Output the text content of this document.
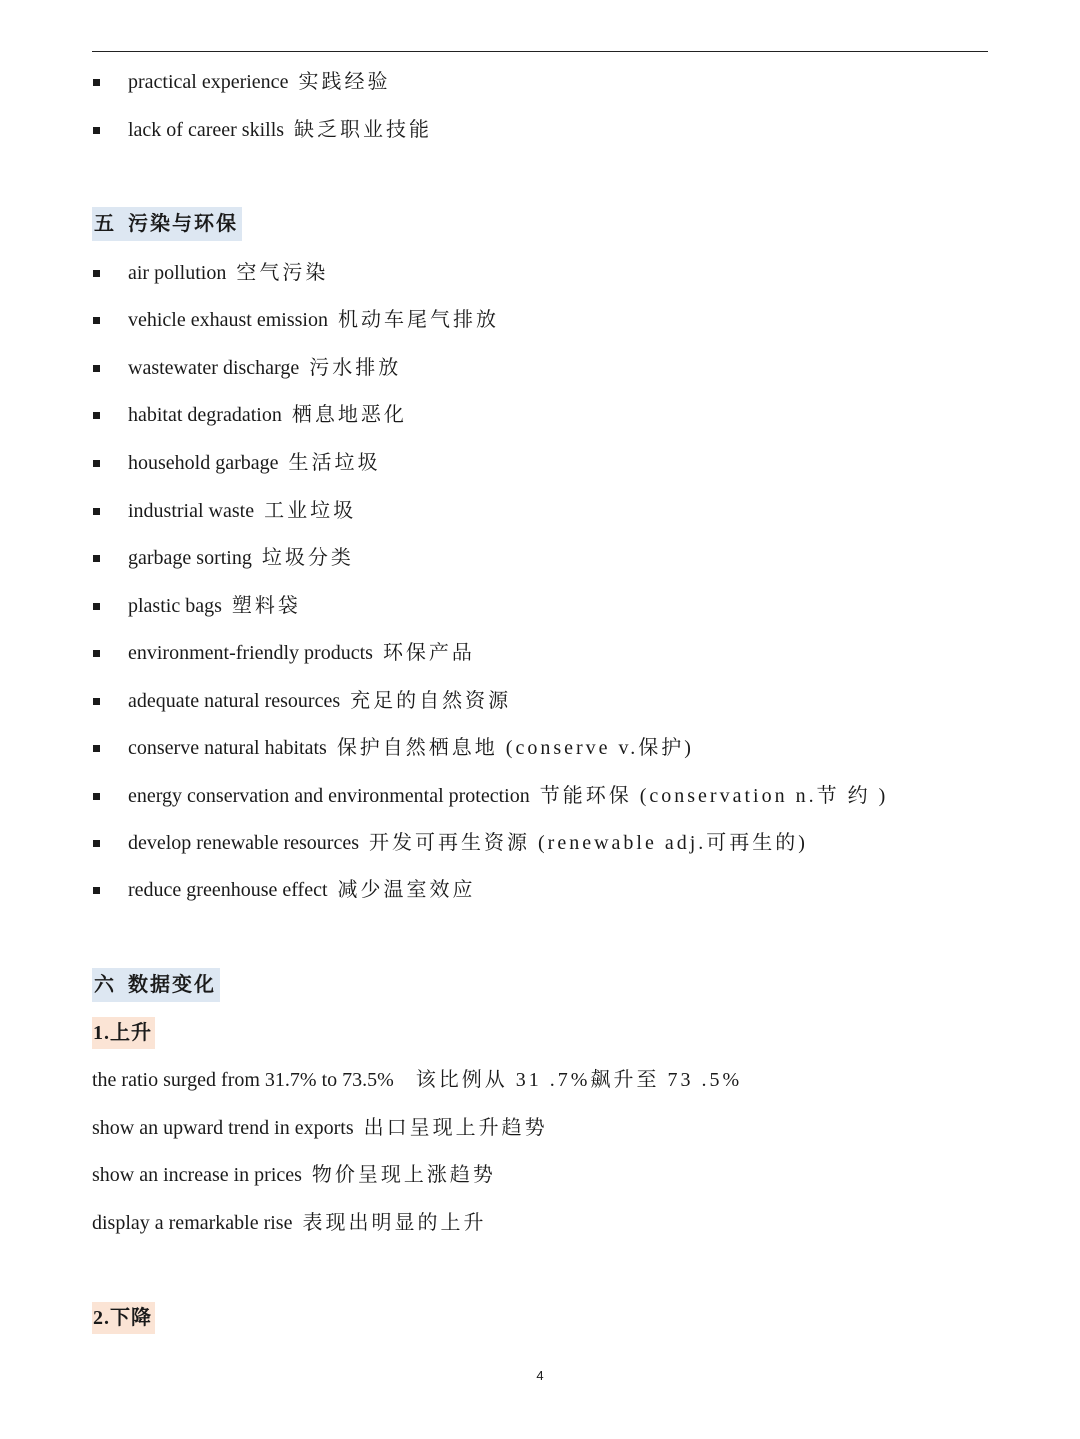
practical experience 实践经验
lack of career skills 缺乏职业技能
五 污染与环保
air pollution 空气污染
vehicle exhaust emission 机动车尾气排放
wastewater discharge 污水排放
habitat degradation 栖息地恶化
household garbage 生活垃圾
industrial waste 工业垃圾
garbage sorting 垃圾分类
plastic bags 塑料袋
environment-friendly products 环保产品
adequate natural resources 充足的自然资源
conserve natural habitats 保护自然栖息地 (conserve v.保护)
energy conservation and environmental protection 节能环保 (conservation n.节 约 )
develop renewable resources 开发可再生资源 (renewable adj.可再生的)
reduce greenhouse effect 减少温室效应
六 数据变化
1.上升
the ratio surged from 31.7% to 73.5% 该比例从 31 .7%飙升至 73 .5%
show an upward trend in exports 出口呈现上升趋势
show an increase in prices 物价呈现上涨趋势
display a remarkable rise 表现出明显的上升
2.下降
4
